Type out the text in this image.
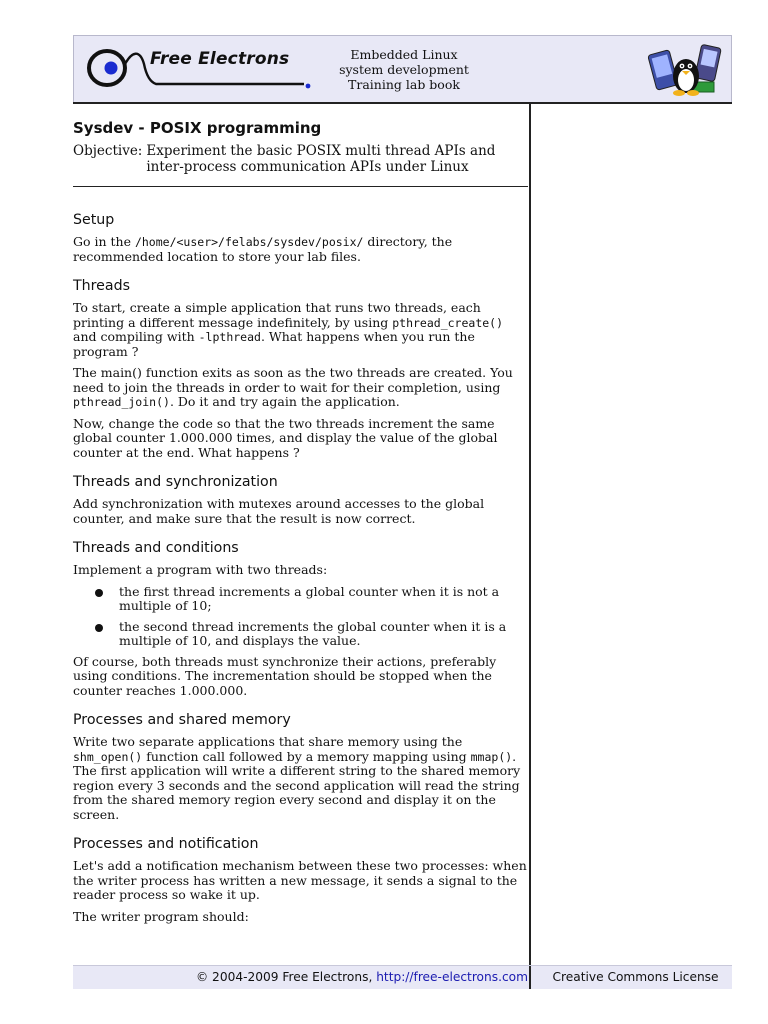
Free Electrons	Embedded Linux
system development
Training lab book
Sysdev - POSIX programming
Objective: Experiment the basic POSIX multi thread APIs and inter-process communication APIs under Linux
Setup

Go in the /home/<user>/felabs/sysdev/posix/ directory, the recommended location to store your lab files.

Threads

To start, create a simple application that runs two threads, each printing a different message indefinitely, by using pthread_create() and compiling with -lpthread. What happens when you run the program ?

The main() function exits as soon as the two threads are created. You need to join the threads in order to wait for their completion, using pthread_join(). Do it and try again the application.

Now, change the code so that the two threads increment the same global counter 1.000.000 times, and display the value of the global counter at the end. What happens ?

Threads and synchronization

Add synchronization with mutexes around accesses to the global counter, and make sure that the result is now correct.

Threads and conditions

Implement a program with two threads:

the first thread increments a global counter when it is not a multiple of 10;
the second thread increments the global counter when it is a multiple of 10, and displays the value.

Of course, both threads must synchronize their actions, preferably using conditions. The incrementation should be stopped when the counter reaches 1.000.000.

Processes and shared memory

Write two separate applications that share memory using the shm_open() function call followed by a memory mapping using mmap(). The first application will write a different string to the shared memory region every 3 seconds and the second application will read the string from the shared memory region every second and display it on the screen.

Processes and notification

Let's add a notification mechanism between these two processes: when the writer process has written a new message, it sends a signal to the reader process so wake it up.

The writer program should:

© 2004-2009 Free Electrons, http://free-electrons.com	Creative Commons License
